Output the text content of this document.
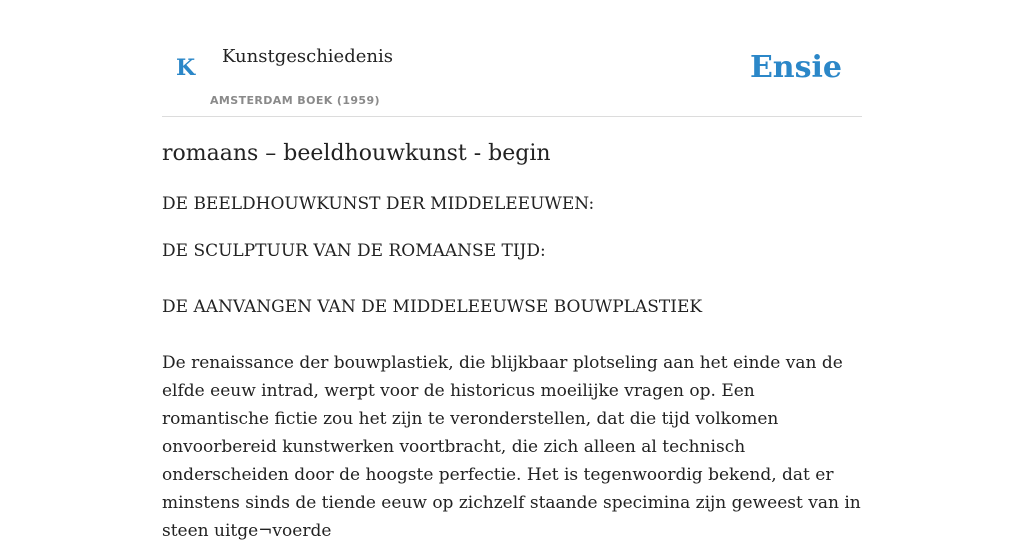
K Kunstgeschiedenis
AMSTERDAM BOEK (1959)
Ensie
romaans – beeldhouwkunst - begin

DE BEELDHOUWKUNST DER MIDDELEEUWEN:

DE SCULPTUUR VAN DE ROMAANSE TIJD:

DE AANVANGEN VAN DE MIDDELEEUWSE BOUWPLASTIEK

De renaissance der bouwplastiek, die blijkbaar plotseling aan het einde van de elfde eeuw intrad, werpt voor de historicus moeilijke vragen op. Een romantische fictie zou het zijn te veronderstellen, dat die tijd volkomen onvoorbereid kunstwerken voortbracht, die zich alleen al technisch onderscheiden door de hoogste perfectie. Het is tegenwoordig bekend, dat er minstens sinds de tiende eeuw op zichzelf staande specimina zijn geweest van in steen uitge¬voerde
